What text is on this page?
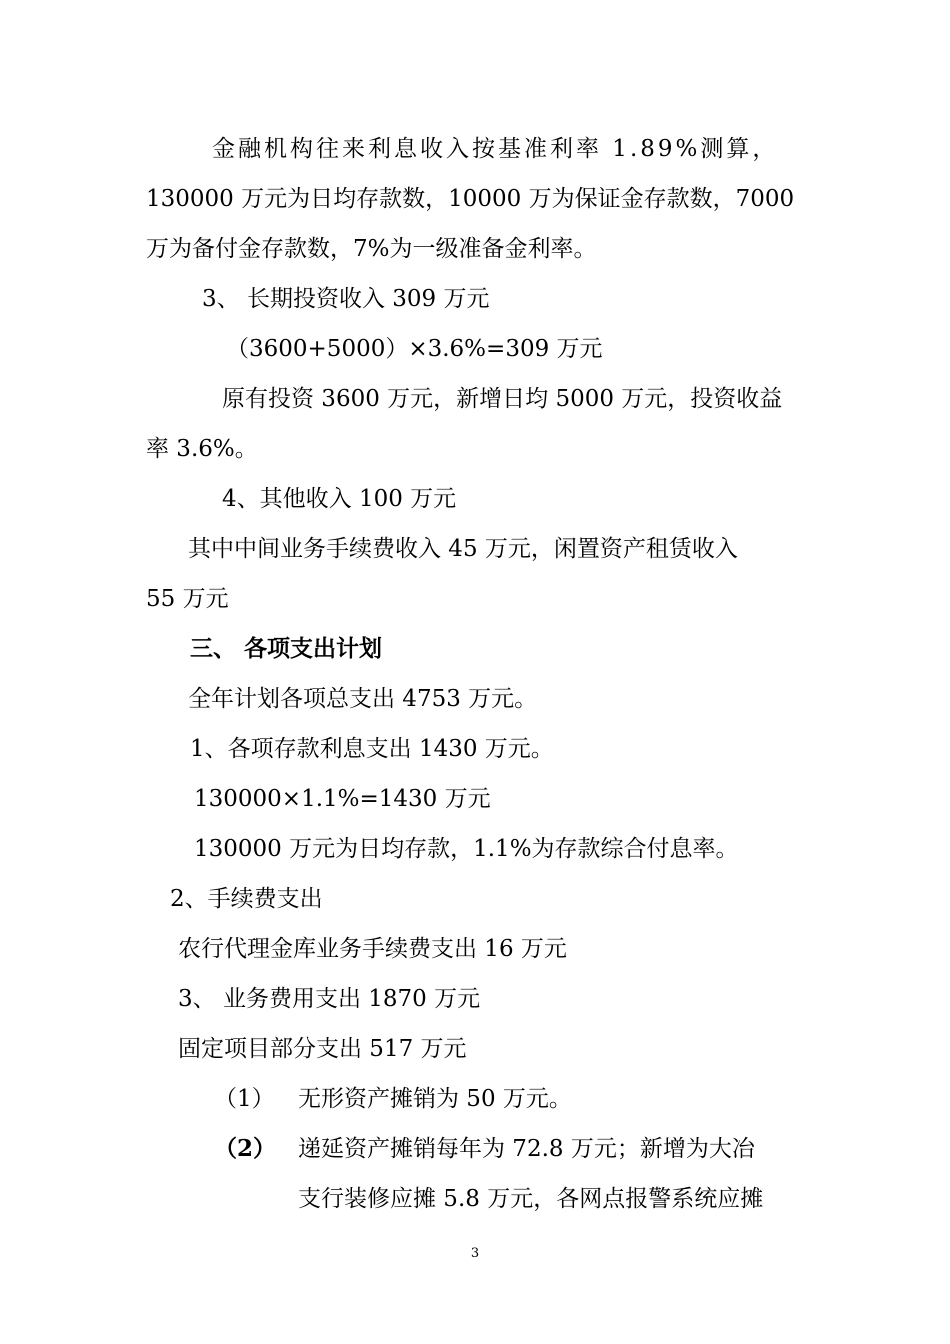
金融机构往来利息收入按基准利率 1.89%测算，
130000 万元为日均存款数，10000 万为保证金存款数，7000
万为备付金存款数，7%为一级准备金利率。
3、 长期投资收入 309 万元
（3600+5000）×3.6%=309 万元
原有投资 3600 万元，新增日均 5000 万元，投资收益
率 3.6%。
4、其他收入 100 万元
其中中间业务手续费收入 45 万元，闲置资产租赁收入
55 万元
三、 各项支出计划
全年计划各项总支出 4753 万元。
1、各项存款利息支出 1430 万元。
130000×1.1%=1430 万元
130000 万元为日均存款，1.1%为存款综合付息率。
2、手续费支出
农行代理金库业务手续费支出 16 万元
3、 业务费用支出 1870 万元
固定项目部分支出 517 万元
（1） 无形资产摊销为 50 万元。
（2） 递延资产摊销每年为 72.8 万元；新增为大冶
支行装修应摊 5.8 万元，各网点报警系统应摊
3
